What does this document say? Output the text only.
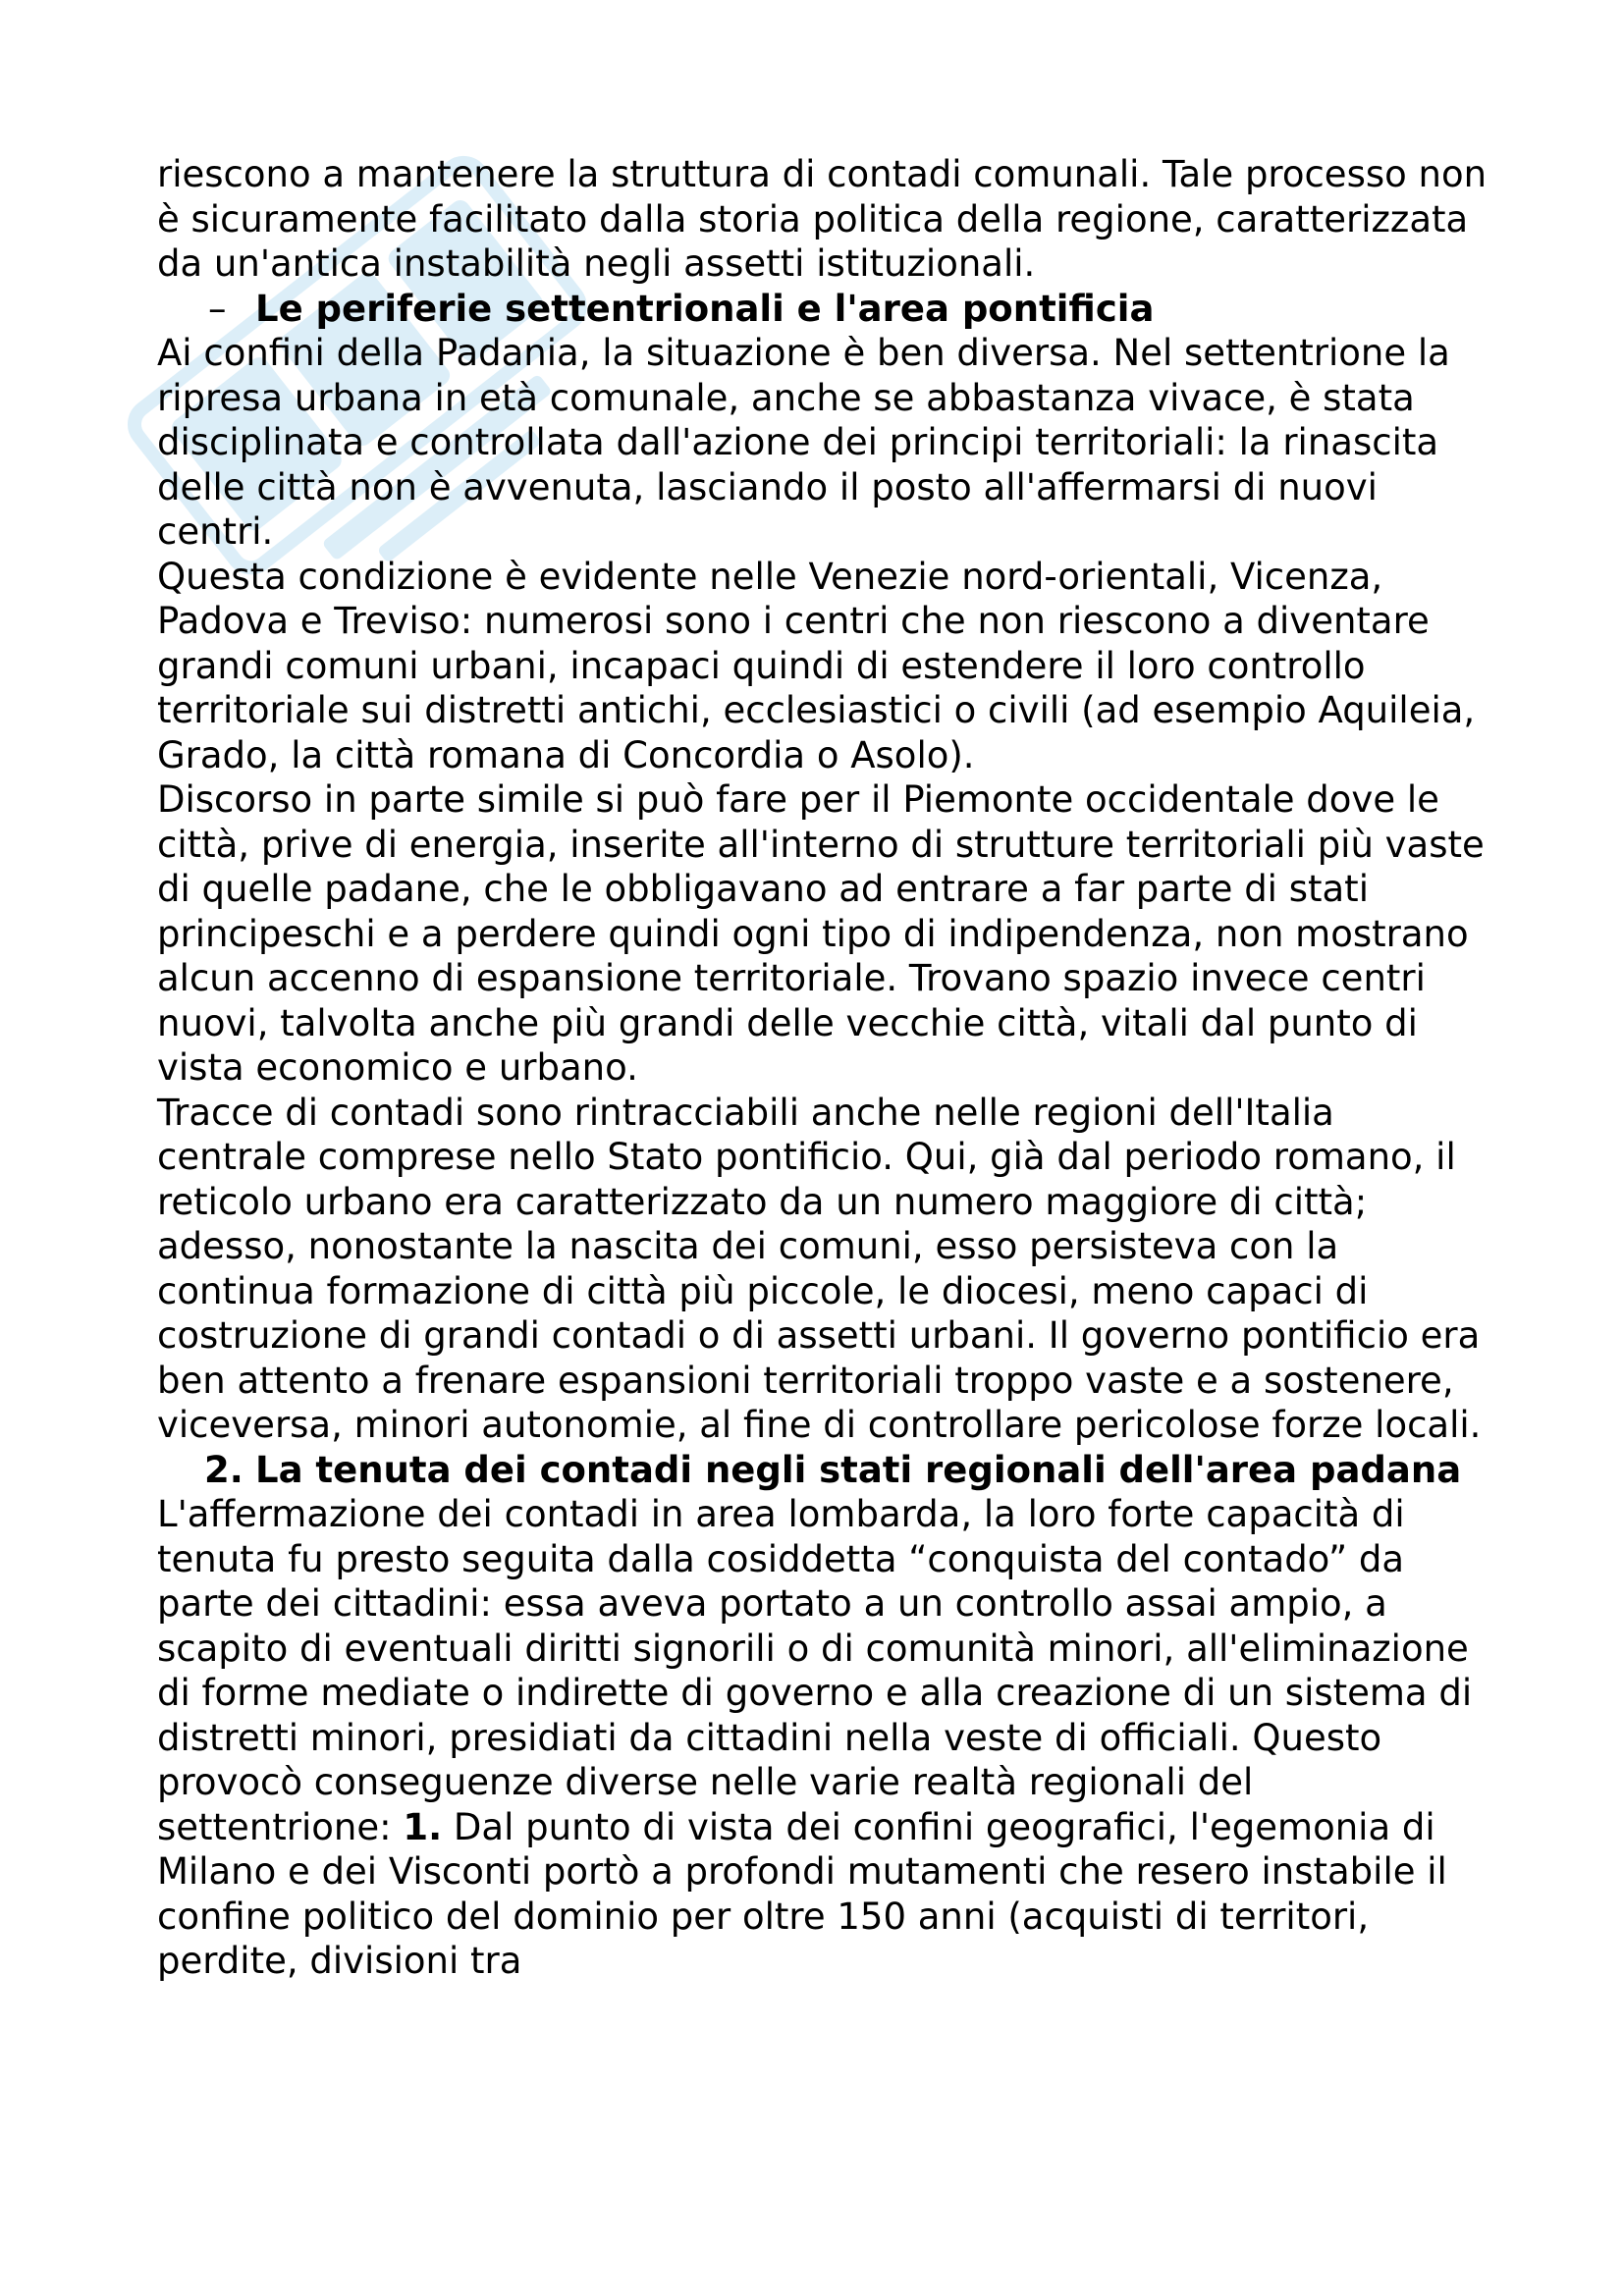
riescono a mantenere la struttura di contadi comunali. Tale processo non è sicuramente facilitato dalla storia politica della regione, caratterizzata da un'antica instabilità negli assetti istituzionali.

– Le periferie settentrionali e l'area pontificia

Ai confini della Padania, la situazione è ben diversa. Nel settentrione la ripresa urbana in età comunale, anche se abbastanza vivace, è stata disciplinata e controllata dall'azione dei principi territoriali: la rinascita delle città non è avvenuta, lasciando il posto all'affermarsi di nuovi centri.

Questa condizione è evidente nelle Venezie nord-orientali, Vicenza, Padova e Treviso: numerosi sono i centri che non riescono a diventare grandi comuni urbani, incapaci quindi di estendere il loro controllo territoriale sui distretti antichi, ecclesiastici o civili (ad esempio Aquileia, Grado, la città romana di Concordia o Asolo).

Discorso in parte simile si può fare per il Piemonte occidentale dove le città, prive di energia, inserite all'interno di strutture territoriali più vaste di quelle padane, che le obbligavano ad entrare a far parte di stati principeschi e a perdere quindi ogni tipo di indipendenza, non mostrano alcun accenno di espansione territoriale. Trovano spazio invece centri nuovi, talvolta anche più grandi delle vecchie città, vitali dal punto di vista economico e urbano.

Tracce di contadi sono rintracciabili anche nelle regioni dell'Italia centrale comprese nello Stato pontificio. Qui, già dal periodo romano, il reticolo urbano era caratterizzato da un numero maggiore di città; adesso, nonostante la nascita dei comuni, esso persisteva con la continua formazione di città più piccole, le diocesi, meno capaci di costruzione di grandi contadi o di assetti urbani. Il governo pontificio era ben attento a frenare espansioni territoriali troppo vaste e a sostenere, viceversa, minori autonomie, al fine di controllare pericolose forze locali.

2. La tenuta dei contadi negli stati regionali dell'area padana

L'affermazione dei contadi in area lombarda, la loro forte capacità di tenuta fu presto seguita dalla cosiddetta “conquista del contado” da parte dei cittadini: essa aveva portato a un controllo assai ampio, a scapito di eventuali diritti signorili o di comunità minori, all'eliminazione di forme mediate o indirette di governo e alla creazione di un sistema di distretti minori, presidiati da cittadini nella veste di officiali. Questo provocò conseguenze diverse nelle varie realtà regionali del settentrione: 1. Dal punto di vista dei confini geografici, l'egemonia di Milano e dei Visconti portò a profondi mutamenti che resero instabile il confine politico del dominio per oltre 150 anni (acquisti di territori, perdite, divisioni tra
